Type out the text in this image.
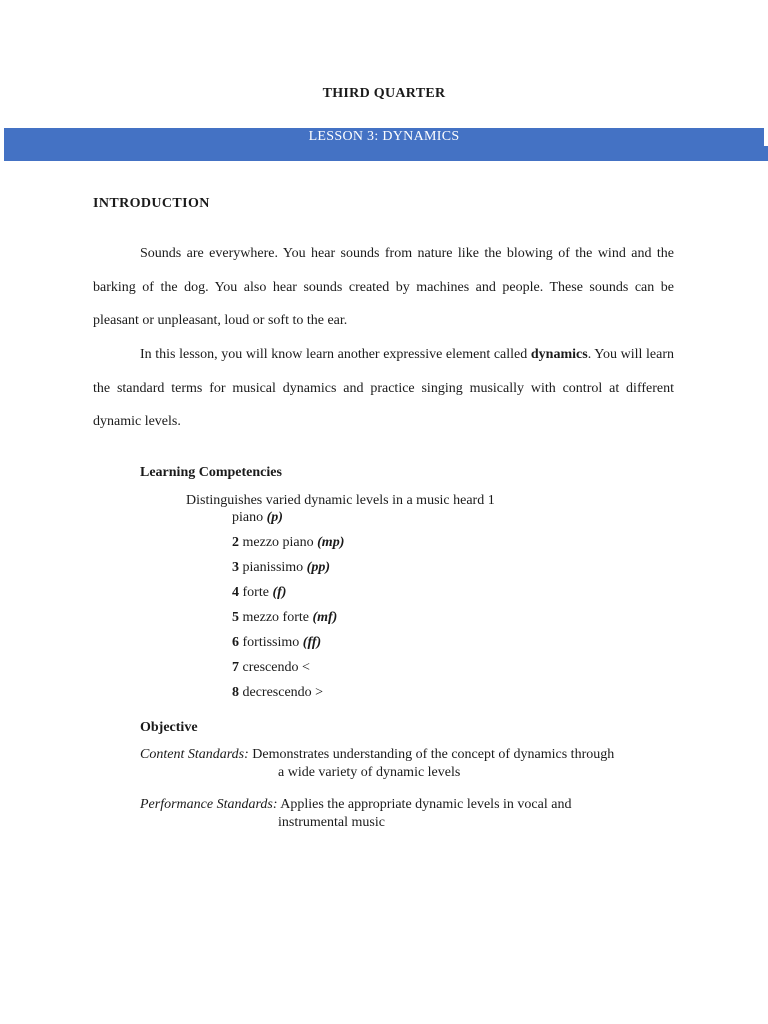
THIRD QUARTER
LESSON 3: DYNAMICS
INTRODUCTION

Sounds are everywhere. You hear sounds from nature like the blowing of the wind and the barking of the dog. You also hear sounds created by machines and people. These sounds can be pleasant or unpleasant, loud or soft to the ear.

In this lesson, you will know learn another expressive element called dynamics. You will learn the standard terms for musical dynamics and practice singing musically with control at different dynamic levels.

Learning Competencies
Distinguishes varied dynamic levels in a music heard 1
piano (p)
2 mezzo piano (mp)
3 pianissimo (pp)
4 forte (f)
5 mezzo forte (mf)
6 fortissimo (ff)
7 crescendo <
8 decrescendo >
Objective
Content Standards: Demonstrates understanding of the concept of dynamics through
a wide variety of dynamic levels
Performance Standards: Applies the appropriate dynamic levels in vocal and
instrumental music
